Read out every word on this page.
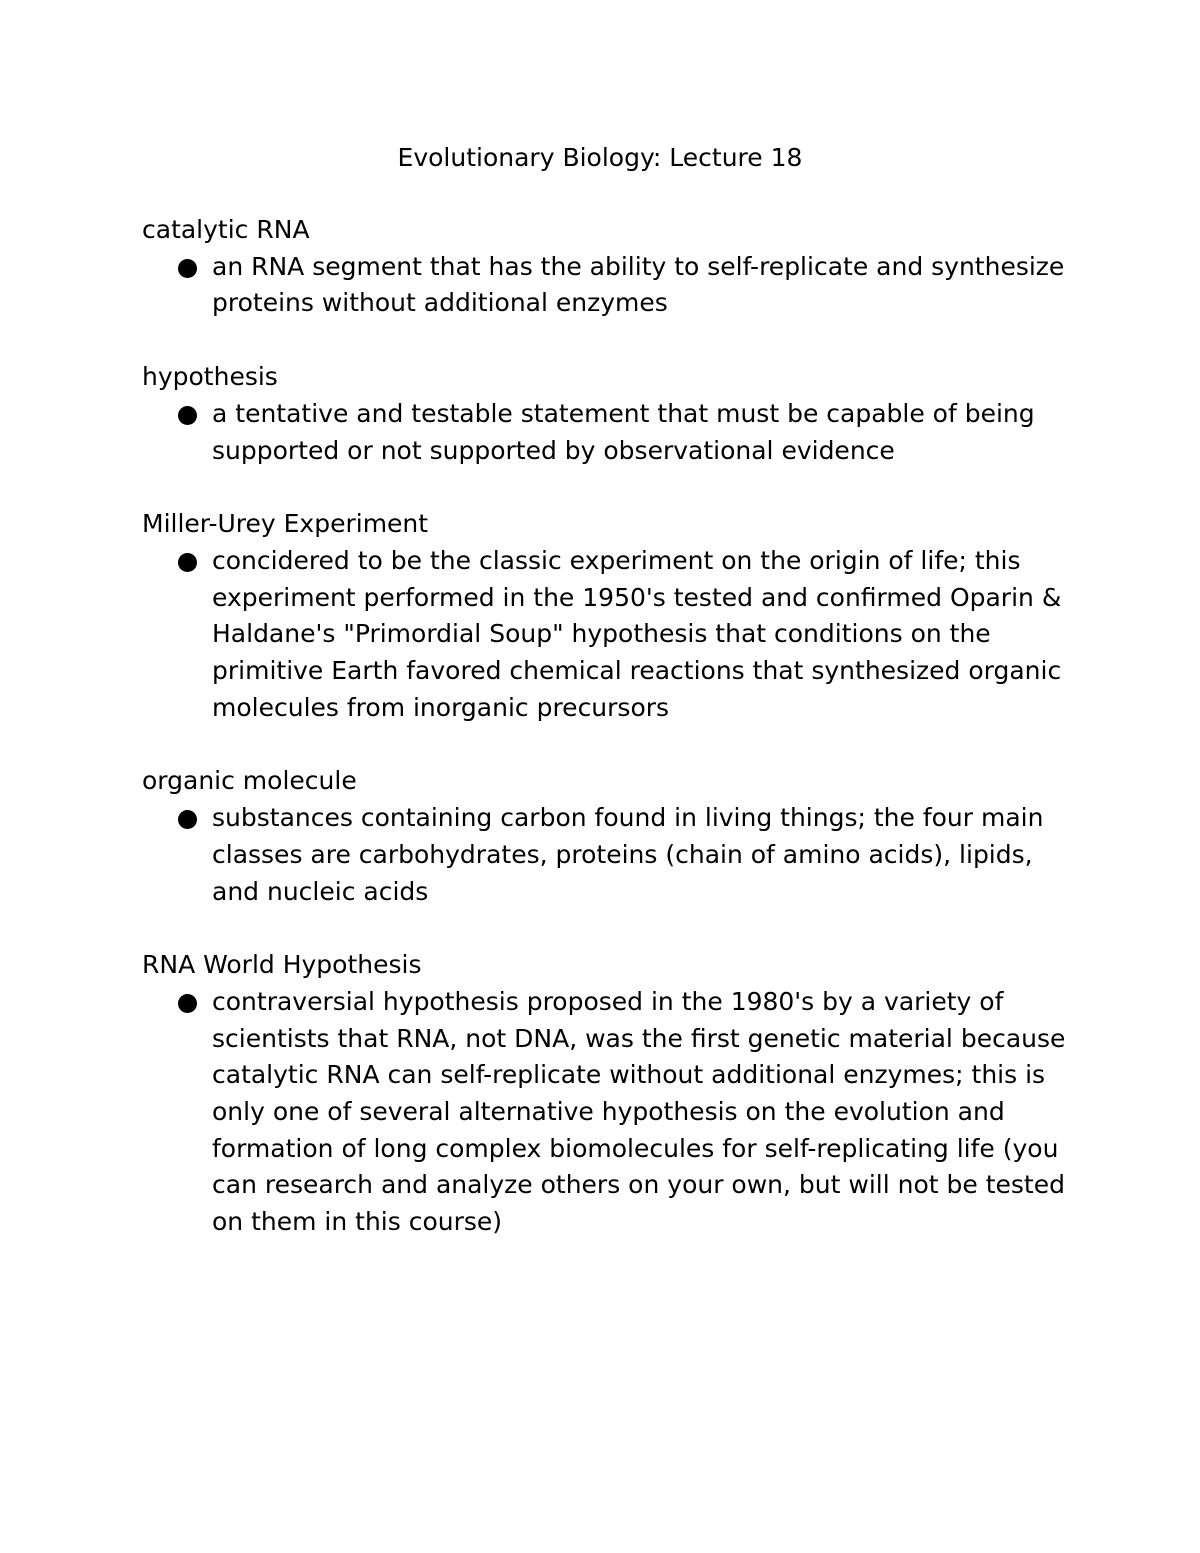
Evolutionary Biology: Lecture 18

catalytic RNA

an RNA segment that has the ability to self-replicate and synthesize proteins without additional enzymes

hypothesis

a tentative and testable statement that must be capable of being supported or not supported by observational evidence

Miller-Urey Experiment

concidered to be the classic experiment on the origin of life; this experiment performed in the 1950's tested and confirmed Oparin & Haldane's "Primordial Soup" hypothesis that conditions on the primitive Earth favored chemical reactions that synthesized organic molecules from inorganic precursors

organic molecule

substances containing carbon found in living things; the four main classes are carbohydrates, proteins (chain of amino acids), lipids, and nucleic acids

RNA World Hypothesis

contraversial hypothesis proposed in the 1980's by a variety of scientists that RNA, not DNA, was the first genetic material because catalytic RNA can self-replicate without additional enzymes; this is only one of several alternative hypothesis on the evolution and formation of long complex biomolecules for self-replicating life (you can research and analyze others on your own, but will not be tested on them in this course)
